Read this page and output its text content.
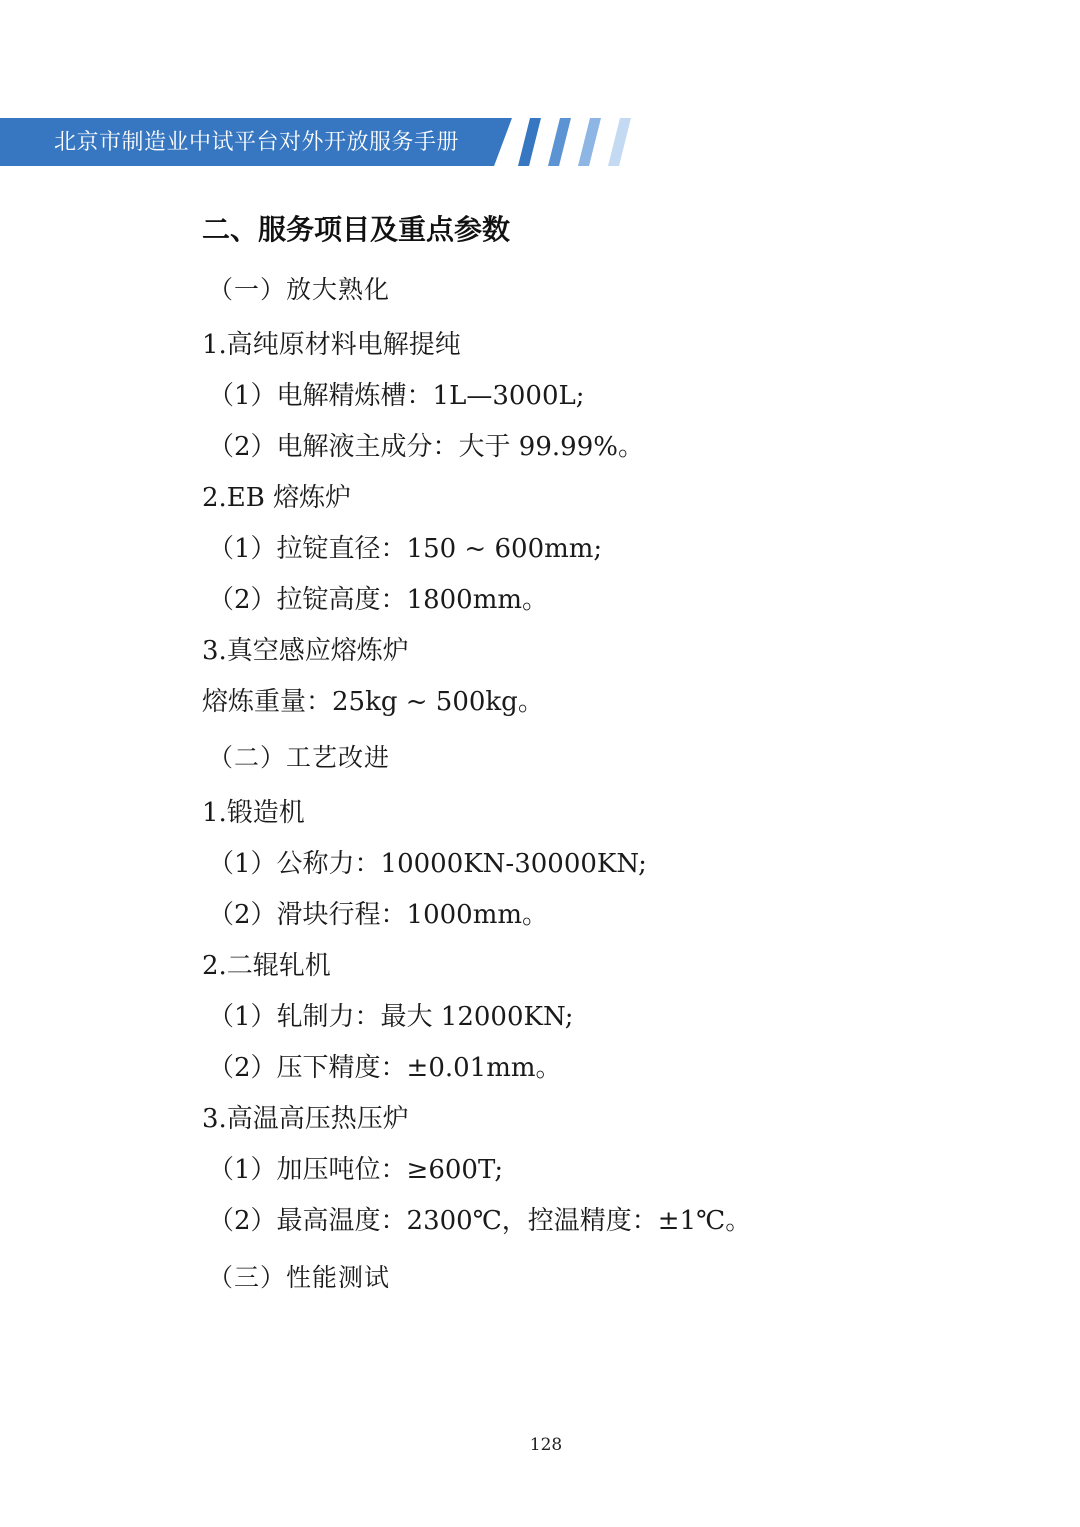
北京市制造业中试平台对外开放服务手册
二、服务项目及重点参数
（一）放大熟化
1.高纯原材料电解提纯
（1）电解精炼槽：1L—3000L;
（2）电解液主成分：大于 99.99%。
2.EB 熔炼炉
（1）拉锭直径：150 ~ 600mm;
（2）拉锭高度：1800mm。
3.真空感应熔炼炉
熔炼重量：25kg ~ 500kg。
（二）工艺改进
1.锻造机
（1）公称力：10000KN-30000KN;
（2）滑块行程：1000mm。
2.二辊轧机
（1）轧制力：最大 12000KN;
（2）压下精度：±0.01mm。
3.高温高压热压炉
（1）加压吨位：≥600T;
（2）最高温度：2300℃，控温精度：±1℃。
（三）性能测试
128
